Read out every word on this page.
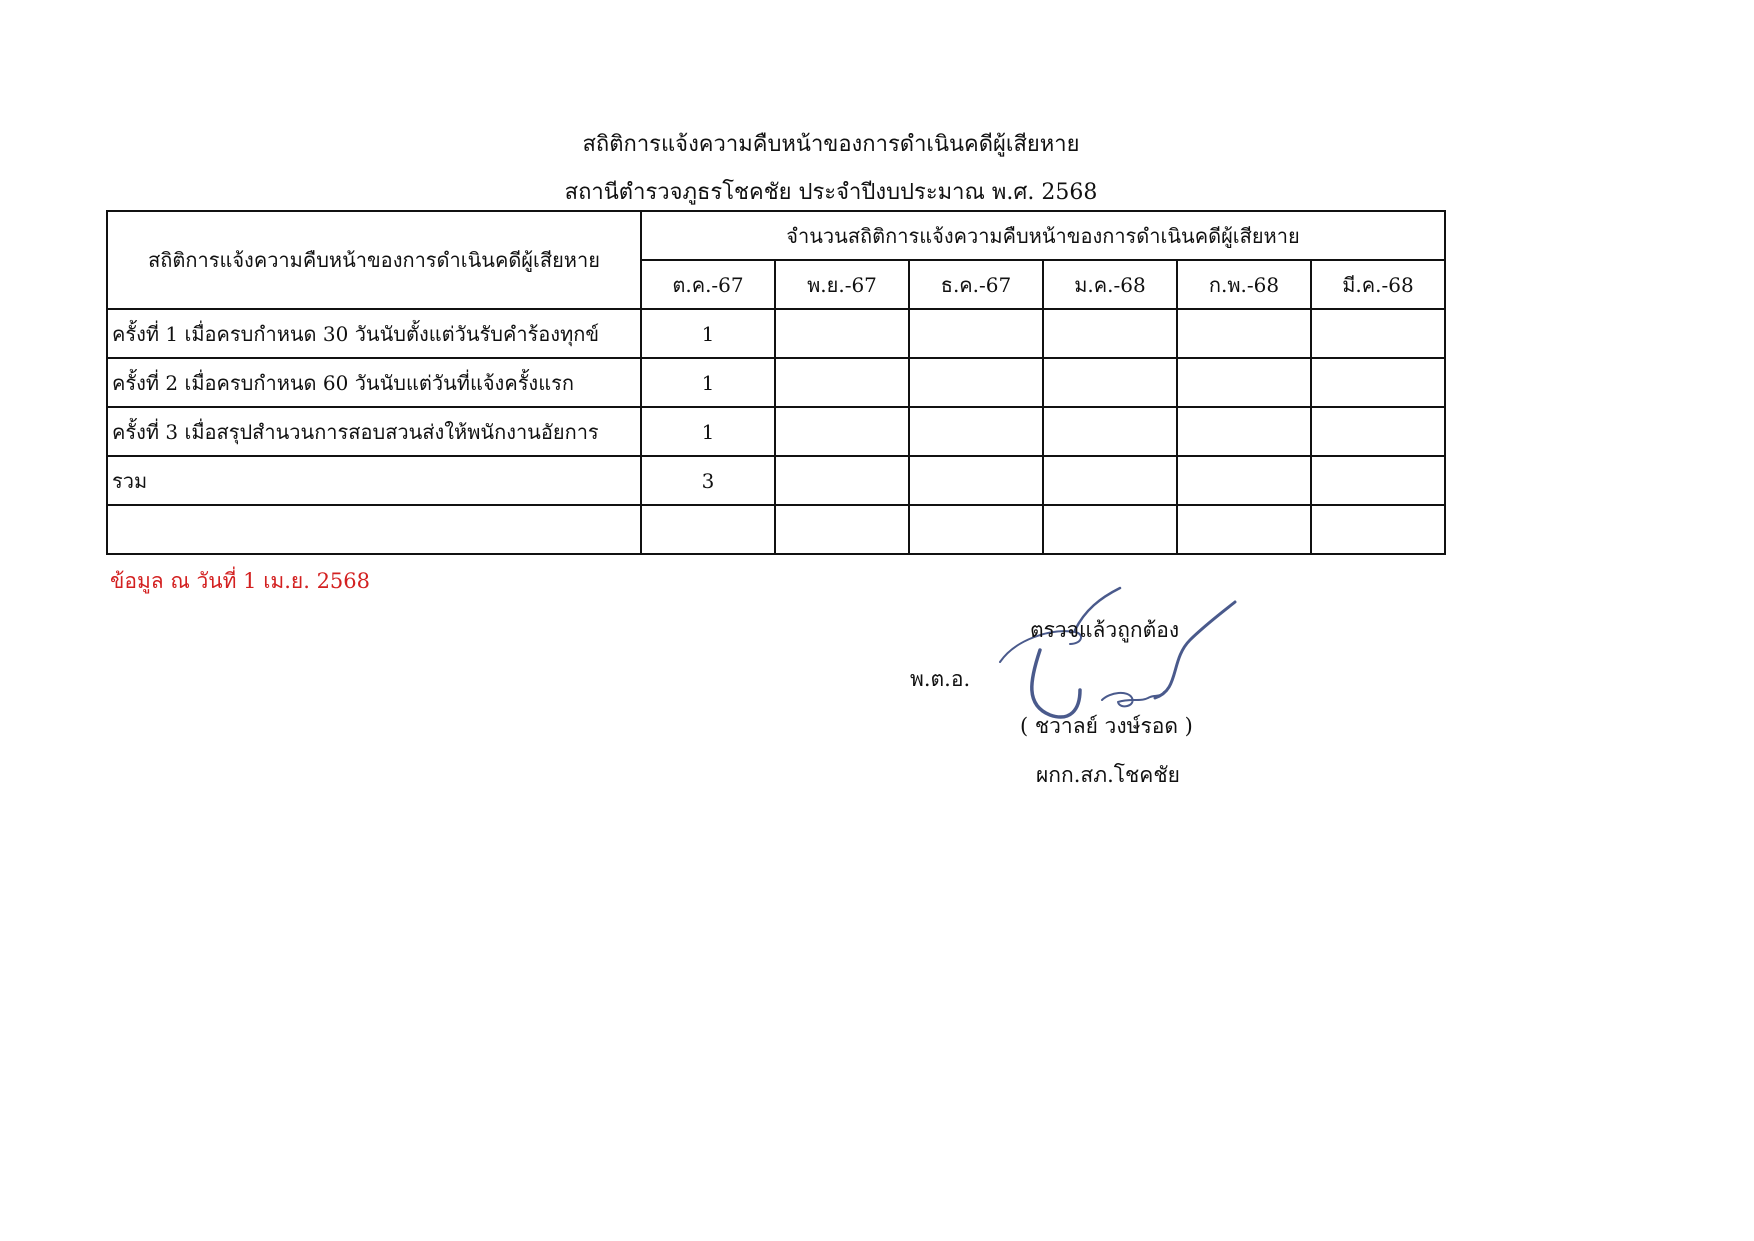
สถิติการแจ้งความคืบหน้าของการดำเนินคดีผู้เสียหาย
สถานีตำรวจภูธรโชคชัย ประจำปีงบประมาณ พ.ศ. 2568
สถิติการแจ้งความคืบหน้าของการดำเนินคดีผู้เสียหาย	จำนวนสถิติการแจ้งความคืบหน้าของการดำเนินคดีผู้เสียหาย					
	ต.ค.-67	พ.ย.-67	ธ.ค.-67	ม.ค.-68	ก.พ.-68	มี.ค.-68
ครั้งที่ 1 เมื่อครบกำหนด 30 วันนับตั้งแต่วันรับคำร้องทุกข์	1					
ครั้งที่ 2 เมื่อครบกำหนด 60 วันนับแต่วันที่แจ้งครั้งแรก	1					
ครั้งที่ 3 เมื่อสรุปสำนวนการสอบสวนส่งให้พนักงานอัยการ	1					
รวม	3					

ข้อมูล ณ วันที่ 1 เม.ย. 2568
ตรวจแล้วถูกต้อง
พ.ต.อ.
( ชวาลย์ วงษ์รอด )
ผกก.สภ.โชคชัย
